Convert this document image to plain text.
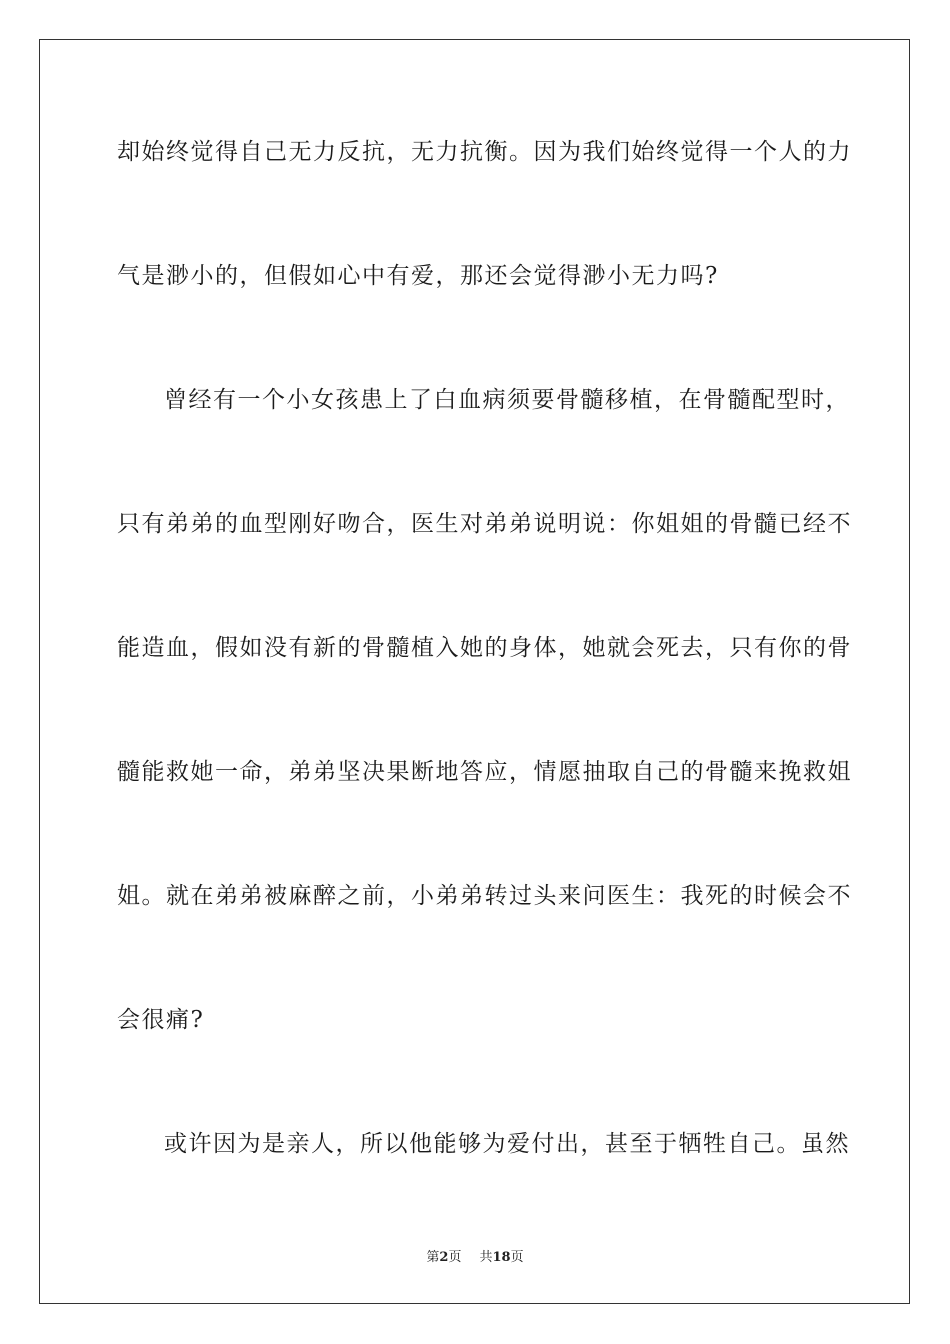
却始终觉得自己无力反抗，无力抗衡。因为我们始终觉得一个人的力
气是渺小的，但假如心中有爱，那还会觉得渺小无力吗?
曾经有一个小女孩患上了白血病须要骨髓移植，在骨髓配型时，
只有弟弟的血型刚好吻合，医生对弟弟说明说：你姐姐的骨髓已经不
能造血，假如没有新的骨髓植入她的身体，她就会死去，只有你的骨
髓能救她一命，弟弟坚决果断地答应，情愿抽取自己的骨髓来挽救姐
姐。就在弟弟被麻醉之前，小弟弟转过头来问医生：我死的时候会不
会很痛?
或许因为是亲人，所以他能够为爱付出，甚至于牺牲自己。虽然
第2页 共18页
